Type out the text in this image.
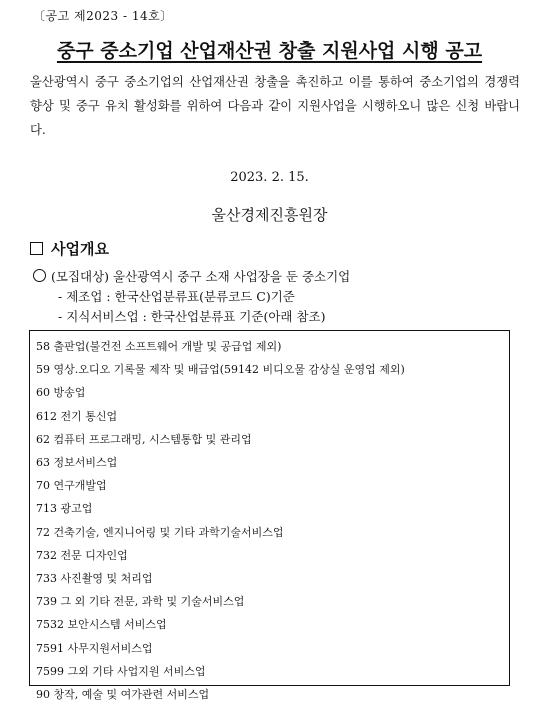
〔공고 제2023 - 14호〕
중구 중소기업 산업재산권 창출 지원사업 시행 공고
울산광역시 중구 중소기업의 산업재산권 창출을 촉진하고 이를 통하여 중소기업의 경쟁력 향상 및 중구 유치 활성화를 위하여 다음과 같이 지원사업을 시행하오니 많은 신청 바랍니다.
2023. 2. 15.
울산경제진흥원장
사업개요
(모집대상) 울산광역시 중구 소재 사업장을 둔 중소기업
- 제조업 : 한국산업분류표(분류코드 C)기준
- 지식서비스업 : 한국산업분류표 기준(아래 참조)
58 출판업(불건전 소프트웨어 개발 및 공급업 제외)
59 영상.오디오 기록물 제작 및 배급업(59142 비디오물 감상실 운영업 제외)
60 방송업
612 전기 통신업
62 컴퓨터 프로그래밍, 시스템통합 및 관리업
63 정보서비스업
70 연구개발업
713 광고업
72 건축기술, 엔지니어링 및 기타 과학기술서비스업
732 전문 디자인업
733 사진촬영 및 처리업
739 그 외 기타 전문, 과학 및 기술서비스업
7532 보안시스템 서비스업
7591 사무지원서비스업
7599 그외 기타 사업지원 서비스업
90 창작, 예술 및 여가관련 서비스업
